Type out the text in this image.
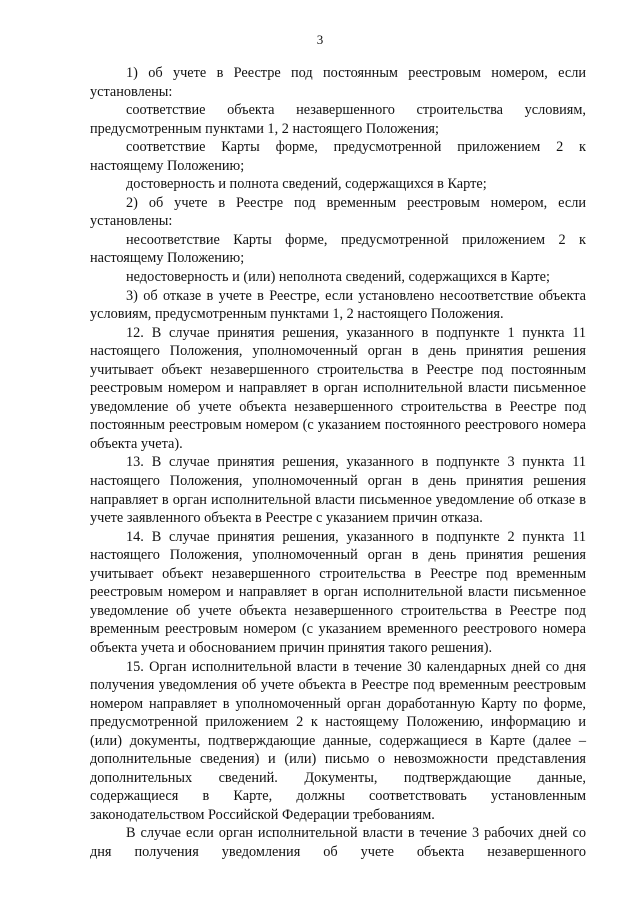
3

1) об учете в Реестре под постоянным реестровым номером, если установлены:

соответствие объекта незавершенного строительства условиям, предусмотренным пунктами 1, 2 настоящего Положения;

соответствие Карты форме, предусмотренной приложением 2 к настоящему Положению;

достоверность и полнота сведений, содержащихся в Карте;

2) об учете в Реестре под временным реестровым номером, если установлены:

несоответствие Карты форме, предусмотренной приложением 2 к настоящему Положению;

недостоверность и (или) неполнота сведений, содержащихся в Карте;

3) об отказе в учете в Реестре, если установлено несоответствие объекта условиям, предусмотренным пунктами 1, 2 настоящего Положения.

12. В случае принятия решения, указанного в подпункте 1 пункта 11 настоящего Положения, уполномоченный орган в день принятия решения учитывает объект незавершенного строительства в Реестре под постоянным реестровым номером и направляет в орган исполнительной власти письменное уведомление об учете объекта незавершенного строительства в Реестре под постоянным реестровым номером (с указанием постоянного реестрового номера объекта учета).

13. В случае принятия решения, указанного в подпункте 3 пункта 11 настоящего Положения, уполномоченный орган в день принятия решения направляет в орган исполнительной власти письменное уведомление об отказе в учете заявленного объекта в Реестре с указанием причин отказа.

14. В случае принятия решения, указанного в подпункте 2 пункта 11 настоящего Положения, уполномоченный орган в день принятия решения учитывает объект незавершенного строительства в Реестре под временным реестровым номером и направляет в орган исполнительной власти письменное уведомление об учете объекта незавершенного строительства в Реестре под временным реестровым номером (с указанием временного реестрового номера объекта учета и обоснованием причин принятия такого решения).

15. Орган исполнительной власти в течение 30 календарных дней со дня получения уведомления об учете объекта в Реестре под временным реестровым номером направляет в уполномоченный орган доработанную Карту по форме, предусмотренной приложением 2 к настоящему Положению, информацию и (или) документы, подтверждающие данные, содержащиеся в Карте (далее – дополнительные сведения) и (или) письмо о невозможности представления дополнительных сведений. Документы, подтверждающие данные, содержащиеся в Карте, должны соответствовать установленным законодательством Российской Федерации требованиям.

В случае если орган исполнительной власти в течение 3 рабочих дней со дня получения уведомления об учете объекта незавершенного
